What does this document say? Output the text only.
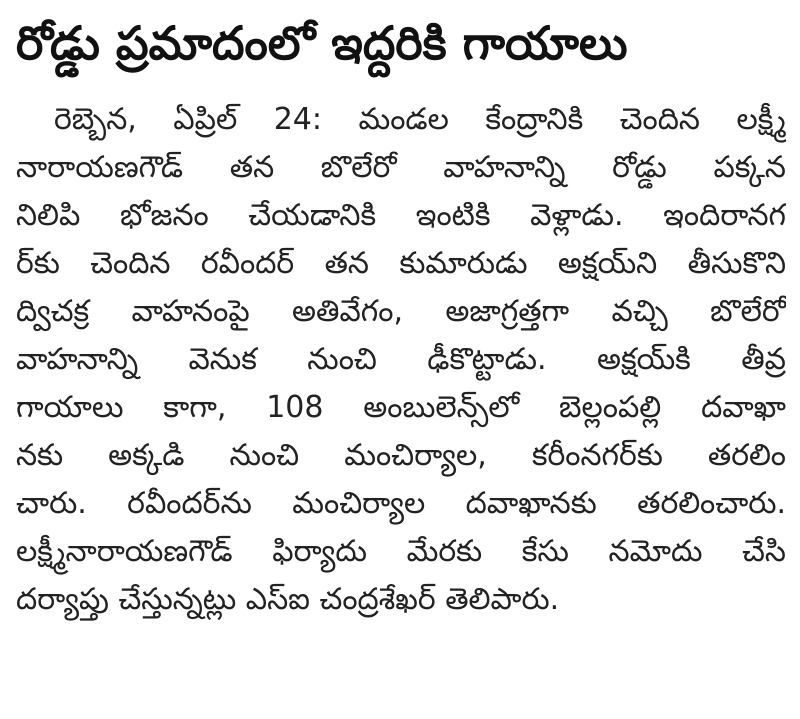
రోడ్డు ప్రమాదంలో ఇద్దరికి గాయాలు
రెబ్బెన, ఏప్రిల్ 24: మండల కేంద్రానికి చెందిన లక్ష్మీ
నారాయణగౌడ్ తన బొలేరో వాహనాన్ని రోడ్డు పక్కన
నిలిపి భోజనం చేయడానికి ఇంటికి వెళ్లాడు. ఇందిరానగ
ర్‌కు చెందిన రవీందర్ తన కుమారుడు అక్షయ్‌ని తీసుకొని
ద్విచక్ర వాహనంపై అతివేగం, అజాగ్రత్తగా వచ్చి బొలేరో
వాహనాన్ని వెనుక నుంచి ఢీకొట్టాడు. అక్షయ్‌కి తీవ్ర
గాయాలు కాగా, 108 అంబులెన్స్‌లో బెల్లంపల్లి దవాఖా
నకు అక్కడి నుంచి మంచిర్యాల, కరీంనగర్‌కు తరలిం
చారు. రవీందర్‌ను మంచిర్యాల దవాఖానకు తరలించారు.
లక్ష్మీనారాయణగౌడ్ ఫిర్యాదు మేరకు కేసు నమోదు చేసి
దర్యాప్తు చేస్తున్నట్లు ఎస్ఐ చంద్రశేఖర్ తెలిపారు.
